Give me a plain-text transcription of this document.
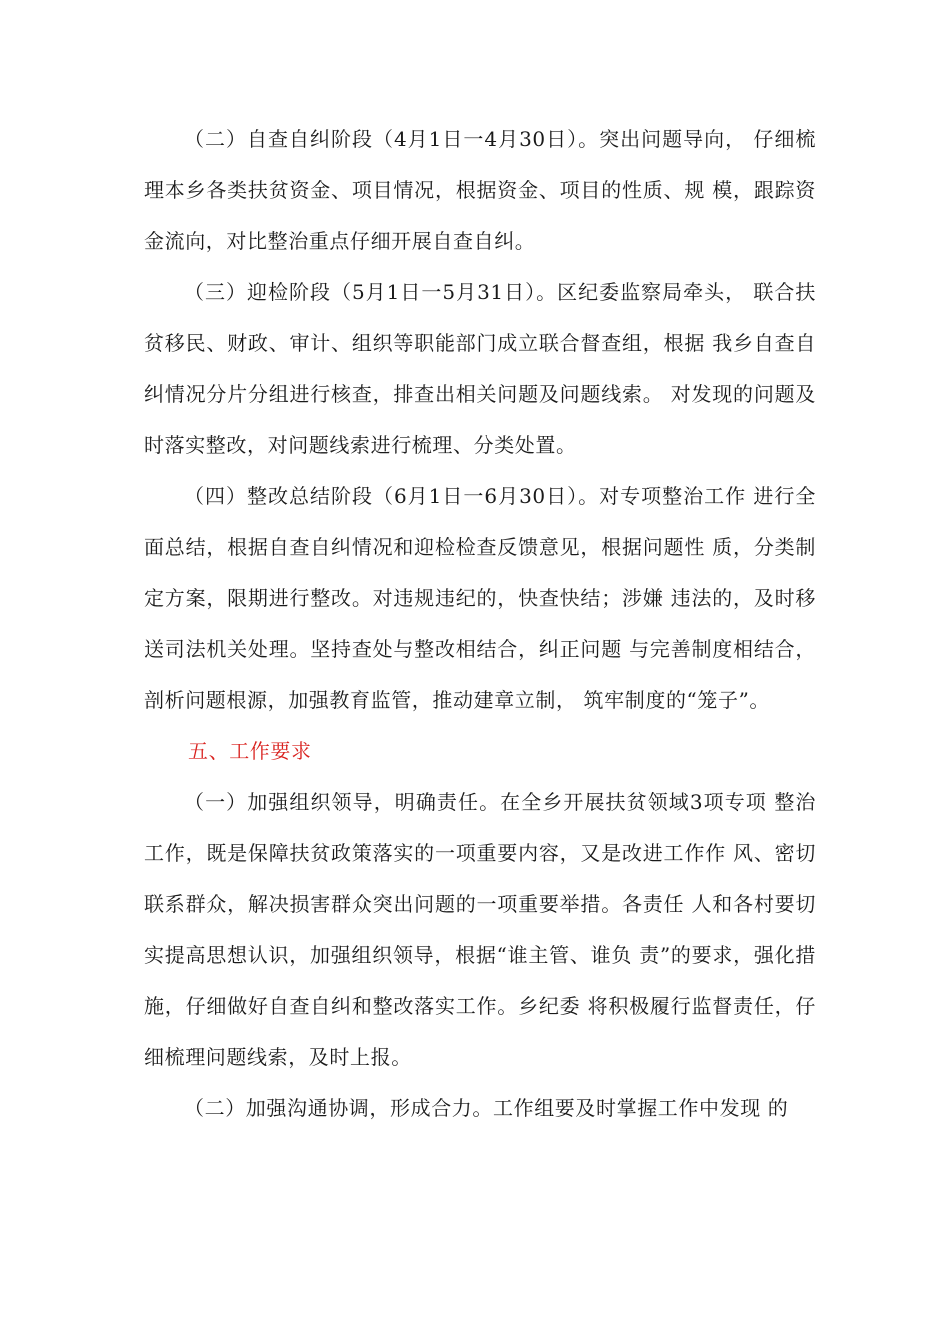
（二）自查自纠阶段（4月1日一4月30日）。突出问题导向， 仔细梳理本乡各类扶贫资金、项目情况，根据资金、项目的性质、规 模，跟踪资金流向，对比整治重点仔细开展自查自纠。

（三）迎检阶段（5月1日一5月31日）。区纪委监察局牵头， 联合扶贫移民、财政、审计、组织等职能部门成立联合督查组，根据 我乡自查自纠情况分片分组进行核查，排查出相关问题及问题线索。 对发现的问题及时落实整改，对问题线索进行梳理、分类处置。

（四）整改总结阶段（6月1日一6月30日）。对专项整治工作 进行全面总结，根据自查自纠情况和迎检检查反馈意见，根据问题性 质，分类制定方案，限期进行整改。对违规违纪的，快查快结；涉嫌 违法的，及时移送司法机关处理。坚持查处与整改相结合，纠正问题 与完善制度相结合，剖析问题根源，加强教育监管，推动建章立制， 筑牢制度的“笼子”。

五、工作要求

（一）加强组织领导，明确责任。在全乡开展扶贫领域3项专项 整治工作，既是保障扶贫政策落实的一项重要内容，又是改进工作作 风、密切联系群众，解决损害群众突出问题的一项重要举措。各责任 人和各村要切实提高思想认识，加强组织领导，根据“谁主管、谁负 责”的要求，强化措施，仔细做好自查自纠和整改落实工作。乡纪委 将积极履行监督责任，仔细梳理问题线索，及时上报。

（二）加强沟通协调，形成合力。工作组要及时掌握工作中发现 的
